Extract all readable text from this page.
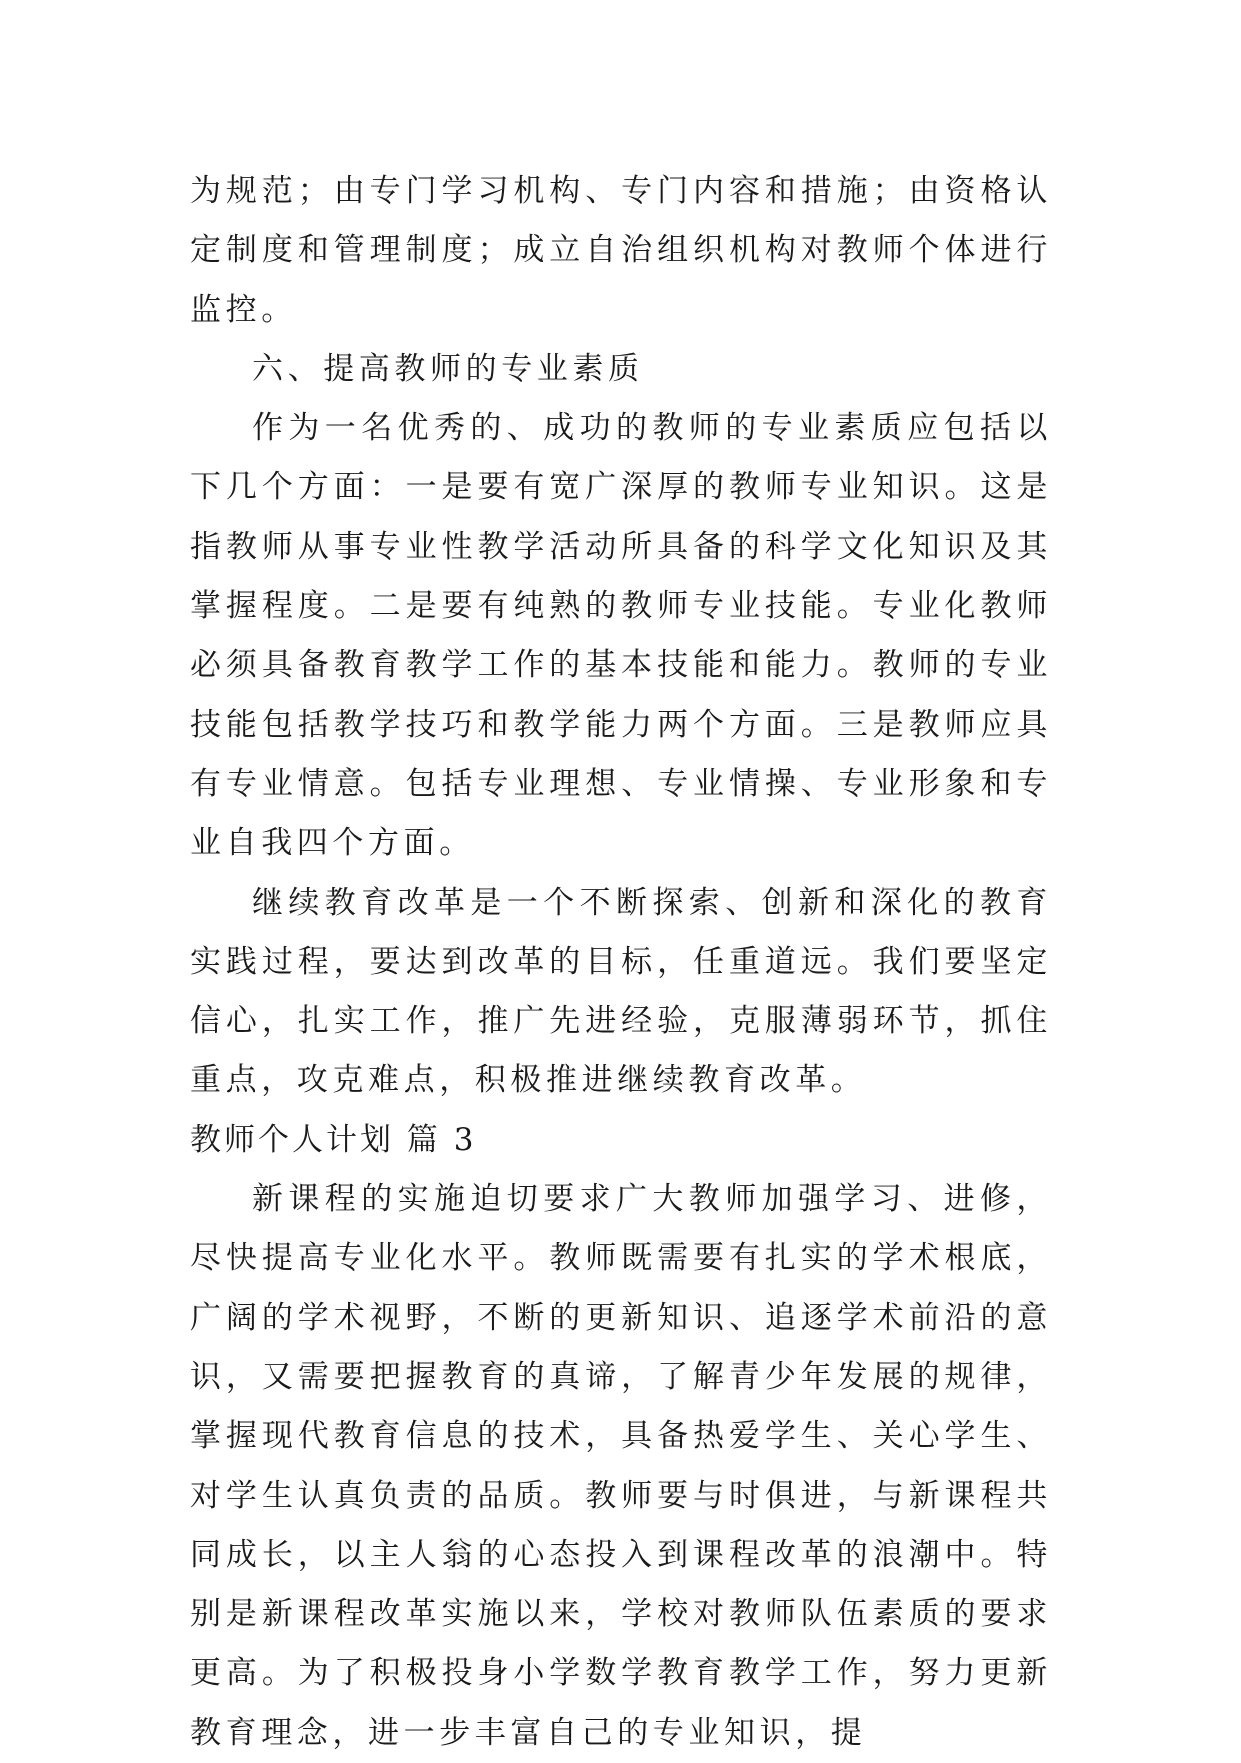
为规范；由专门学习机构、专门内容和措施；由资格认定制度和管理制度；成立自治组织机构对教师个体进行监控。

六、提高教师的专业素质

作为一名优秀的、成功的教师的专业素质应包括以下几个方面：一是要有宽广深厚的教师专业知识。这是指教师从事专业性教学活动所具备的科学文化知识及其掌握程度。二是要有纯熟的教师专业技能。专业化教师必须具备教育教学工作的基本技能和能力。教师的专业技能包括教学技巧和教学能力两个方面。三是教师应具有专业情意。包括专业理想、专业情操、专业形象和专业自我四个方面。

继续教育改革是一个不断探索、创新和深化的教育实践过程，要达到改革的目标，任重道远。我们要坚定信心，扎实工作，推广先进经验，克服薄弱环节，抓住重点，攻克难点，积极推进继续教育改革。

教师个人计划 篇 3

新课程的实施迫切要求广大教师加强学习、进修，尽快提高专业化水平。教师既需要有扎实的学术根底，广阔的学术视野，不断的更新知识、追逐学术前沿的意识，又需要把握教育的真谛，了解青少年发展的规律，掌握现代教育信息的技术，具备热爱学生、关心学生、对学生认真负责的品质。教师要与时俱进，与新课程共同成长，以主人翁的心态投入到课程改革的浪潮中。特别是新课程改革实施以来，学校对教师队伍素质的要求更高。为了积极投身小学数学教育教学工作，努力更新教育理念，进一步丰富自己的专业知识，提
